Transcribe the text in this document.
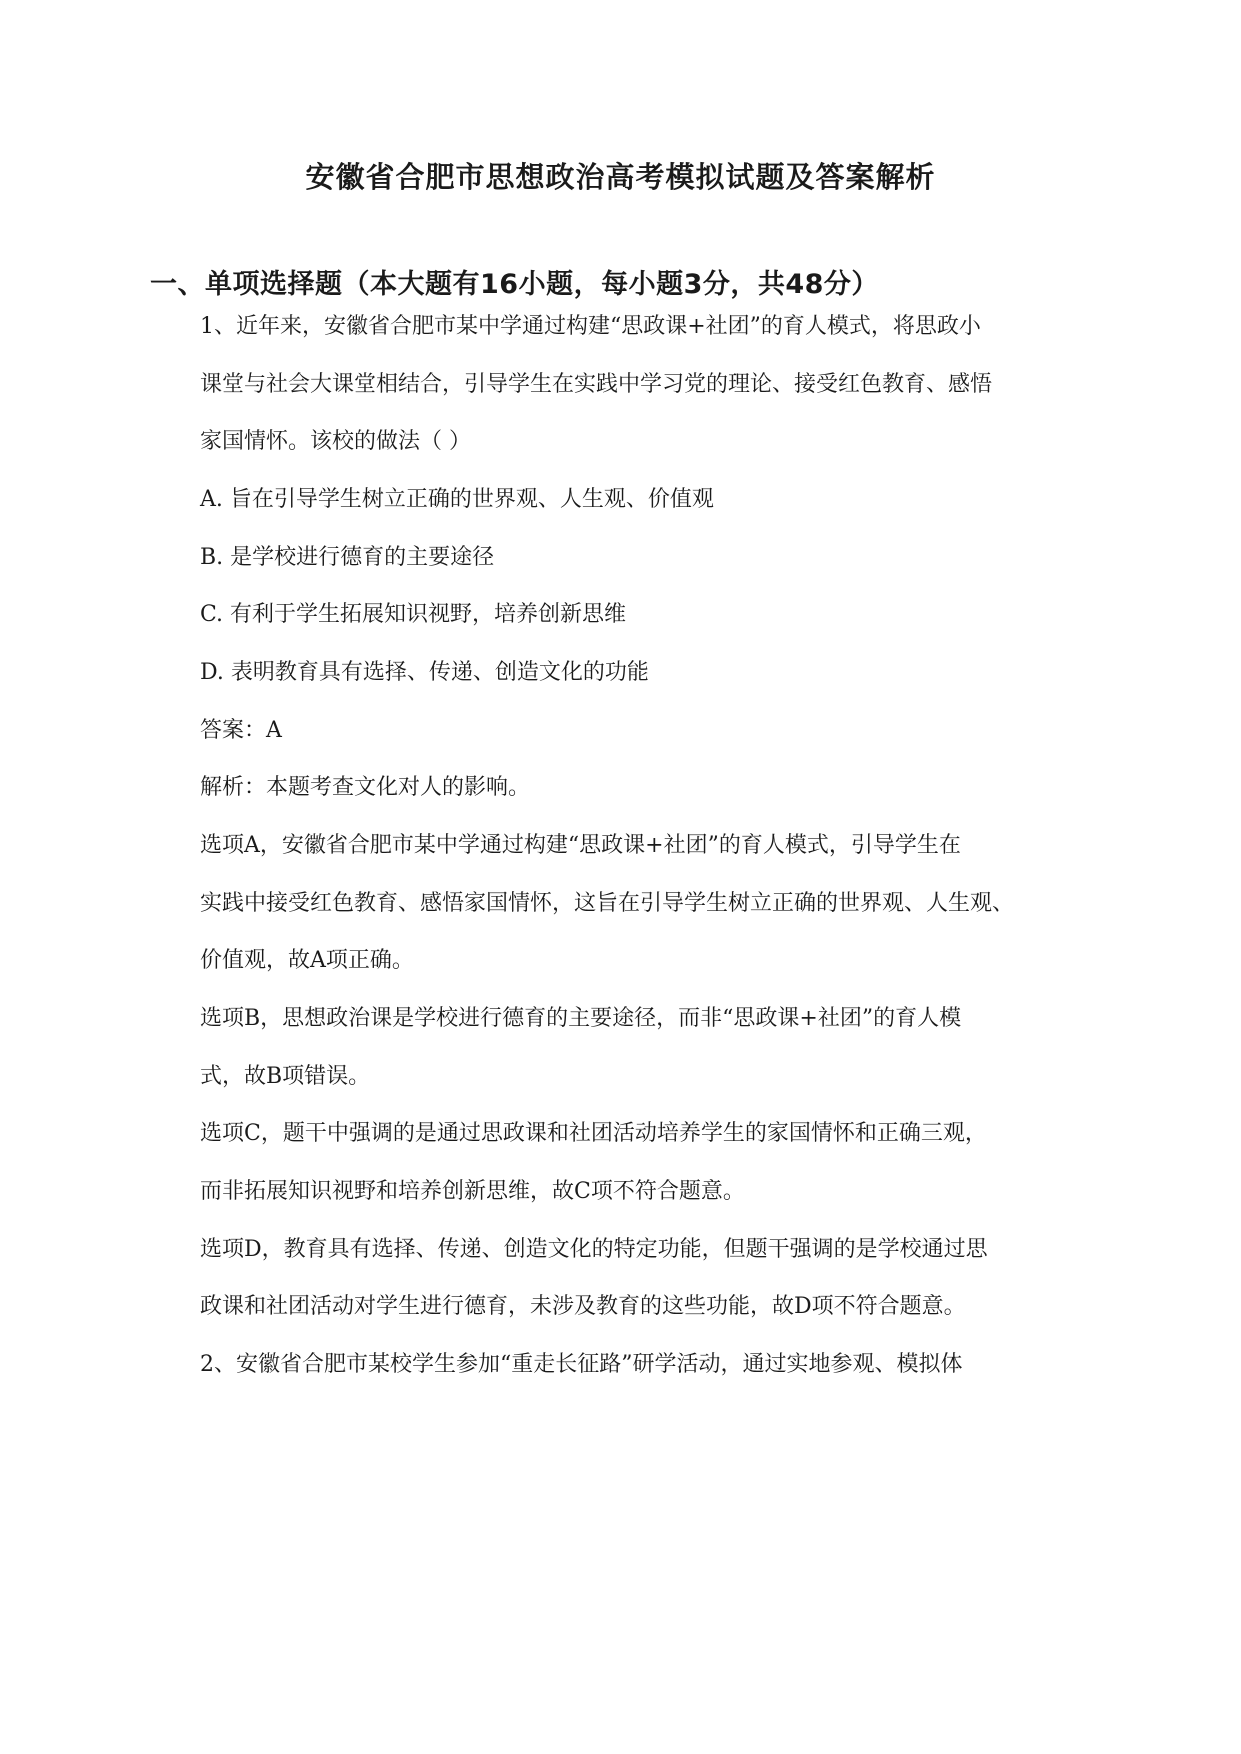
安徽省合肥市思想政治高考模拟试题及答案解析
一、单项选择题（本大题有16小题，每小题3分，共48分）
1、近年来，安徽省合肥市某中学通过构建“思政课+社团”的育人模式，将思政小
课堂与社会大课堂相结合，引导学生在实践中学习党的理论、接受红色教育、感悟
家国情怀。该校的做法（ ）
A. 旨在引导学生树立正确的世界观、人生观、价值观
B. 是学校进行德育的主要途径
C. 有利于学生拓展知识视野，培养创新思维
D. 表明教育具有选择、传递、创造文化的功能
答案：A
解析：本题考查文化对人的影响。
选项A，安徽省合肥市某中学通过构建“思政课+社团”的育人模式，引导学生在
实践中接受红色教育、感悟家国情怀，这旨在引导学生树立正确的世界观、人生观、
价值观，故A项正确。
选项B，思想政治课是学校进行德育的主要途径，而非“思政课+社团”的育人模
式，故B项错误。
选项C，题干中强调的是通过思政课和社团活动培养学生的家国情怀和正确三观，
而非拓展知识视野和培养创新思维，故C项不符合题意。
选项D，教育具有选择、传递、创造文化的特定功能，但题干强调的是学校通过思
政课和社团活动对学生进行德育，未涉及教育的这些功能，故D项不符合题意。
2、安徽省合肥市某校学生参加“重走长征路”研学活动，通过实地参观、模拟体
